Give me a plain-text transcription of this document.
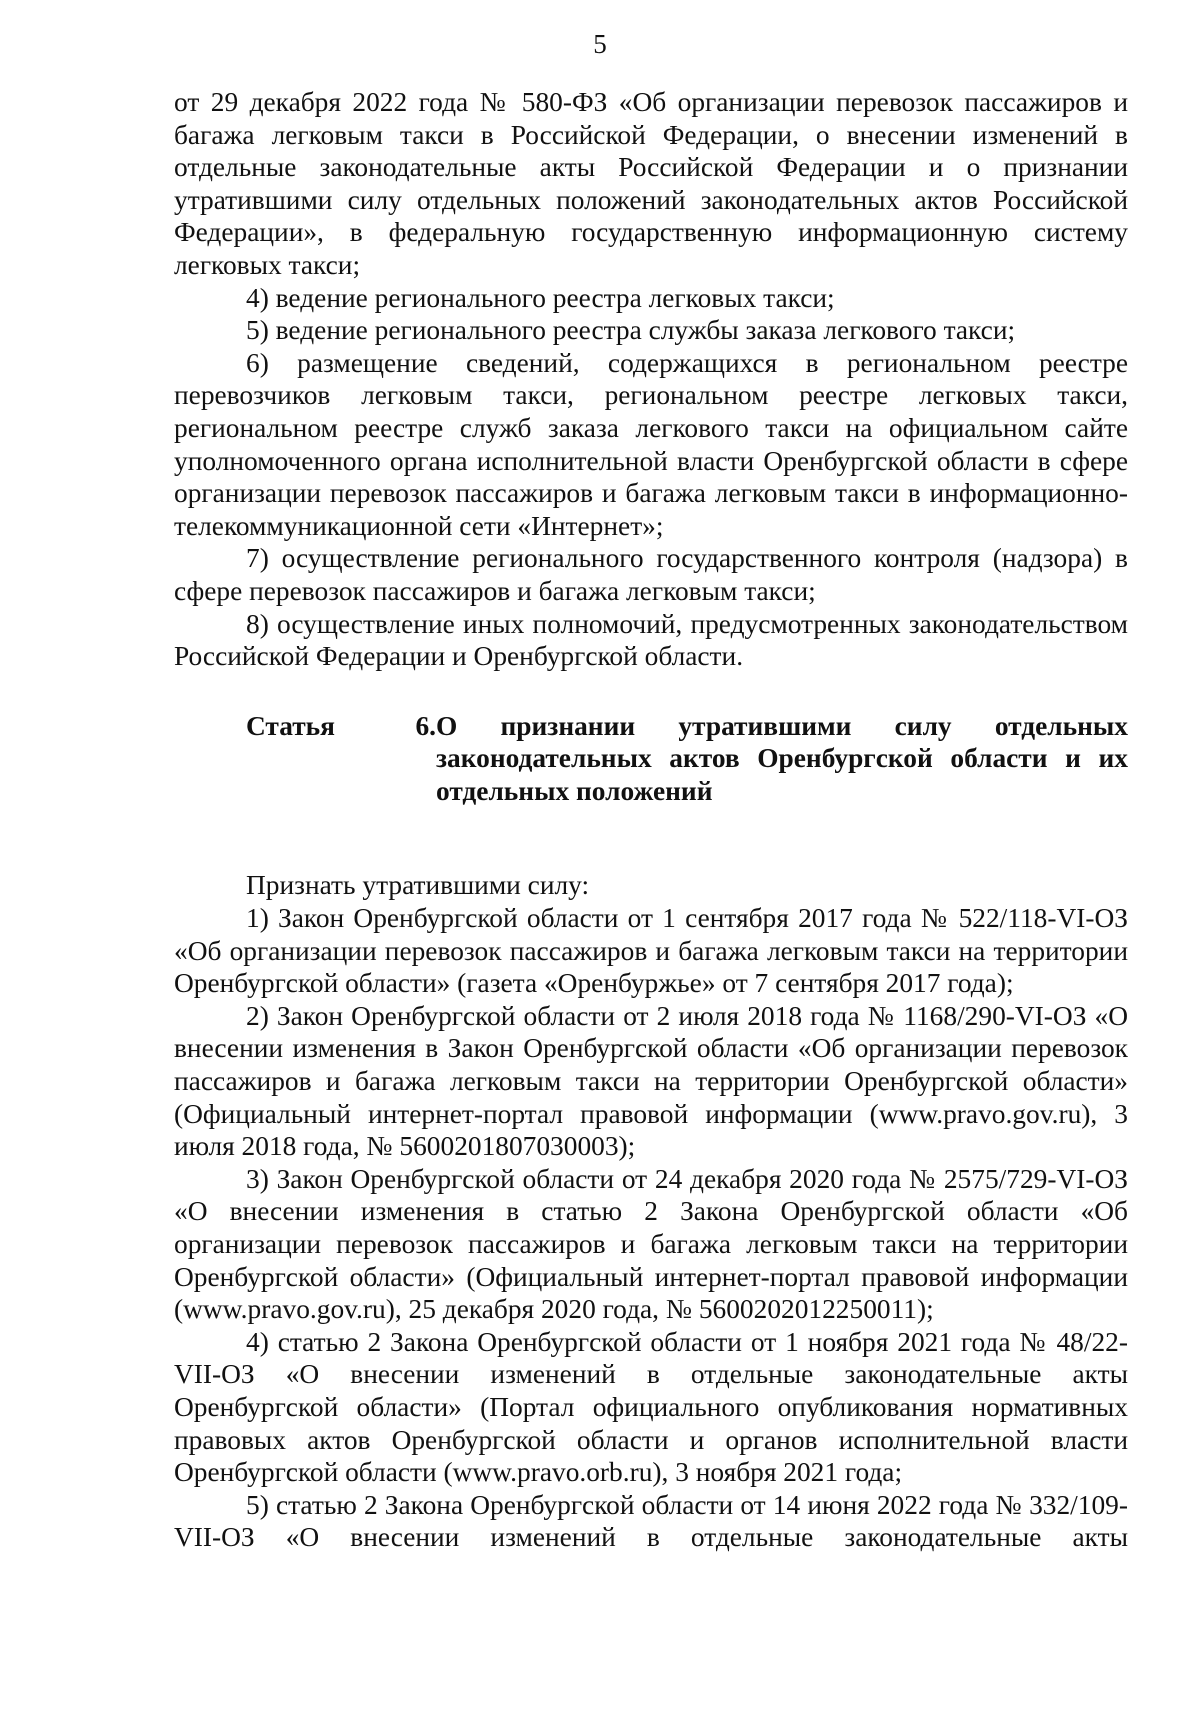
5

от 29 декабря 2022 года № 580-ФЗ «Об организации перевозок пассажиров и багажа легковым такси в Российской Федерации, о внесении изменений в отдельные законодательные акты Российской Федерации и о признании утратившими силу отдельных положений законодательных актов Российской Федерации», в федеральную государственную информационную систему легковых такси;

4) ведение регионального реестра легковых такси;

5) ведение регионального реестра службы заказа легкового такси;

6) размещение сведений, содержащихся в региональном реестре перевозчиков легковым такси, региональном реестре легковых такси, региональном реестре служб заказа легкового такси на официальном сайте уполномоченного органа исполнительной власти Оренбургской области в сфере организации перевозок пассажиров и багажа легковым такси в информационно-телекоммуникационной сети «Интернет»;

7) осуществление регионального государственного контроля (надзора) в сфере перевозок пассажиров и багажа легковым такси;

8) осуществление иных полномочий, предусмотренных законодательством Российской Федерации и Оренбургской области.

Статья	6. О признании утратившими силу отдельных законодательных актов Оренбургской области и их отдельных положений

Признать утратившими силу:

1) Закон Оренбургской области от 1 сентября 2017 года № 522/118-VI-ОЗ «Об организации перевозок пассажиров и багажа легковым такси на территории Оренбургской области» (газета «Оренбуржье» от 7 сентября 2017 года);

2) Закон Оренбургской области от 2 июля 2018 года № 1168/290-VI-ОЗ «О внесении изменения в Закон Оренбургской области «Об организации перевозок пассажиров и багажа легковым такси на территории Оренбургской области» (Официальный интернет-портал правовой информации (www.pravo.gov.ru), 3 июля 2018 года, № 5600201807030003);

3) Закон Оренбургской области от 24 декабря 2020 года № 2575/729-VI-ОЗ «О внесении изменения в статью 2 Закона Оренбургской области «Об организации перевозок пассажиров и багажа легковым такси на территории Оренбургской области» (Официальный интернет-портал правовой информации (www.pravo.gov.ru), 25 декабря 2020 года, № 5600202012250011);

4) статью 2 Закона Оренбургской области от 1 ноября 2021 года № 48/22-VII-ОЗ «О внесении изменений в отдельные законодательные акты Оренбургской области» (Портал официального опубликования нормативных правовых актов Оренбургской области и органов исполнительной власти Оренбургской области (www.pravo.orb.ru), 3 ноября 2021 года;

5) статью 2 Закона Оренбургской области от 14 июня 2022 года № 332/109-VII-ОЗ «О внесении изменений в отдельные законодательные акты
